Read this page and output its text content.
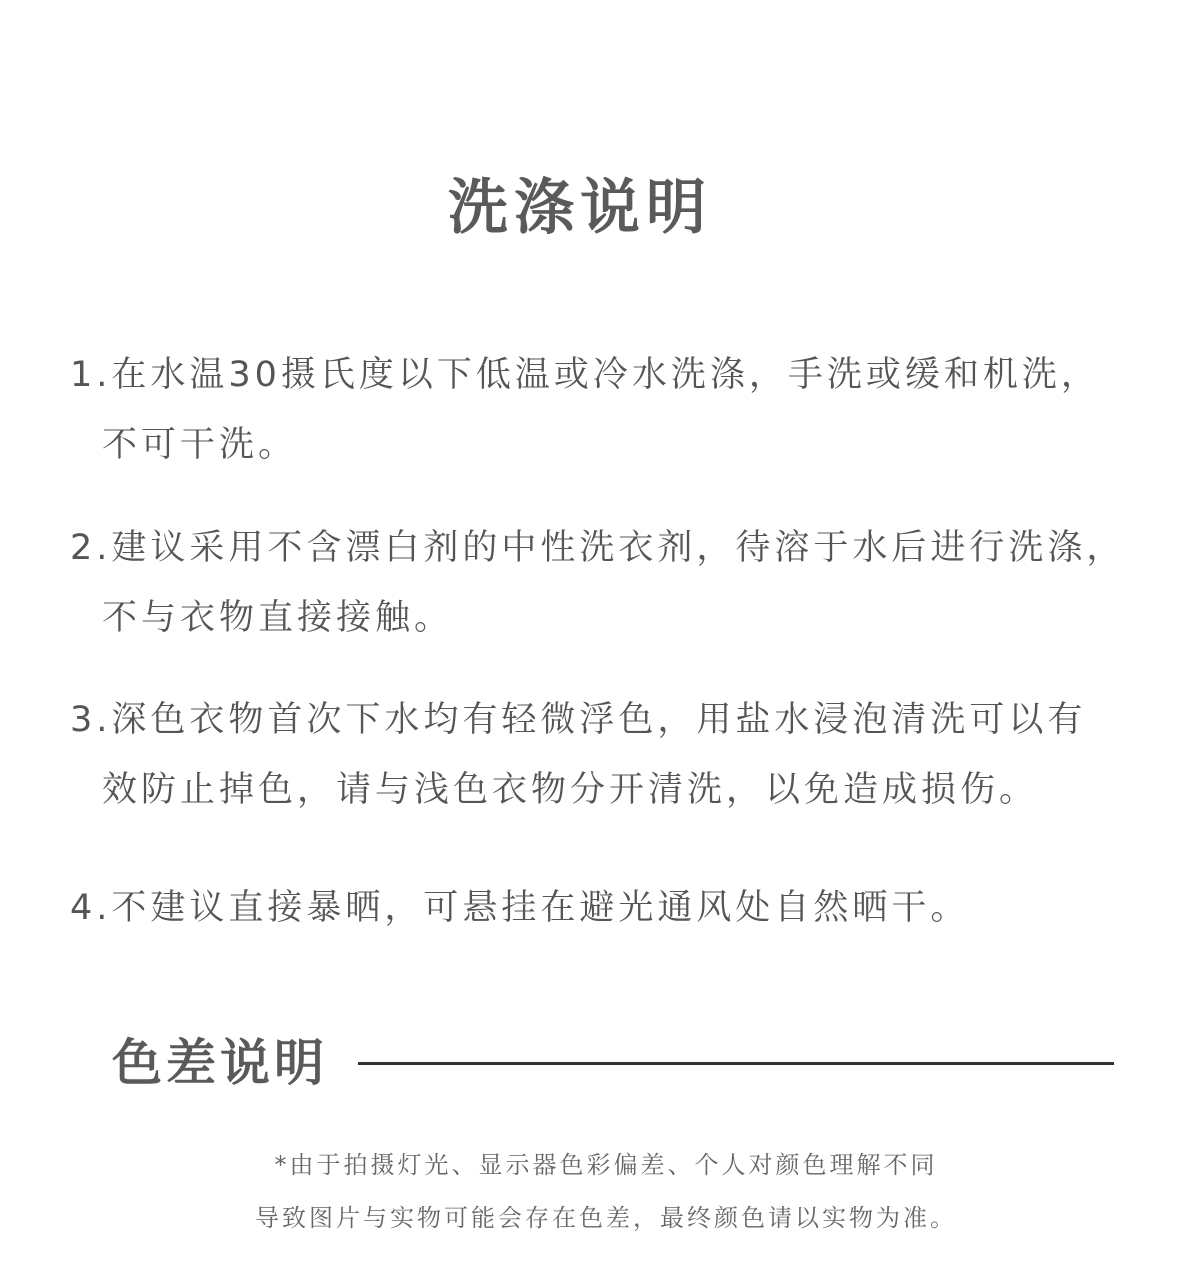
洗涤说明
1.在水温30摄氏度以下低温或冷水洗涤，手洗或缓和机洗，
不可干洗。
2.建议采用不含漂白剂的中性洗衣剂，待溶于水后进行洗涤，
不与衣物直接接触。
3.深色衣物首次下水均有轻微浮色，用盐水浸泡清洗可以有
效防止掉色，请与浅色衣物分开清洗，以免造成损伤。
4.不建议直接暴晒，可悬挂在避光通风处自然晒干。
色差说明
*由于拍摄灯光、显示器色彩偏差、个人对颜色理解不同
导致图片与实物可能会存在色差，最终颜色请以实物为准。
